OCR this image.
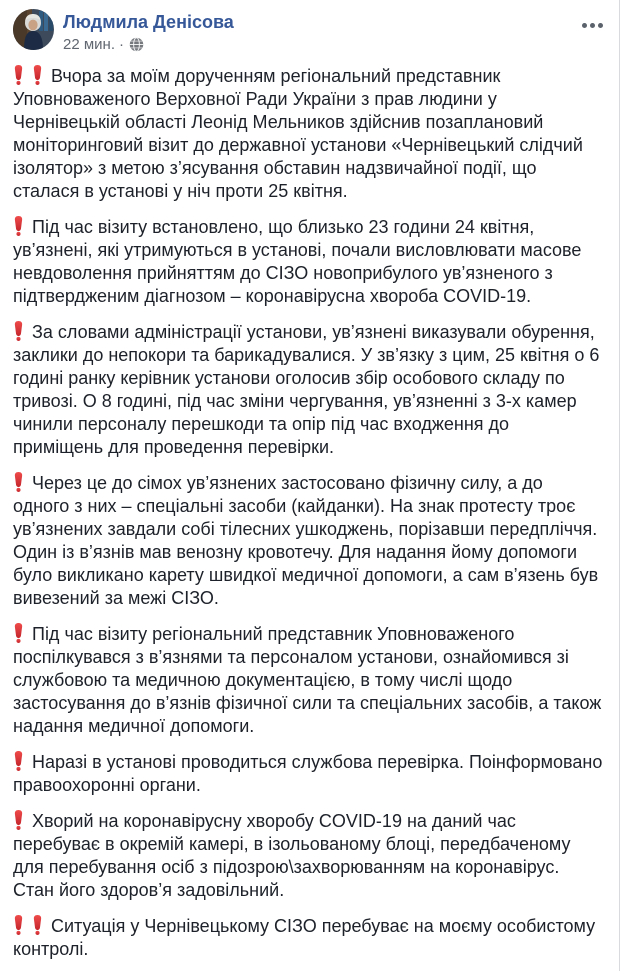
Людмила Денісова
22 мин. ·

Вчора за моїм дорученням регіональний представник Уповноваженого Верховної Ради України з прав людини у Чернівецькій області Леонід Мельников здійснив позаплановий моніторинговий візит до державної установи «Чернівецький слідчий ізолятор» з метою з’ясування обставин надзвичайної події, що сталася в установі у ніч проти 25 квітня.

Під час візиту встановлено, що близько 23 години 24 квітня, ув’язнені, які утримуються в установі, почали висловлювати масове невдоволення прийняттям до СІЗО новоприбулого ув’язненого з підтвердженим діагнозом – коронавірусна хвороба COVID-19.

За словами адміністрації установи, ув’язнені виказували обурення, заклики до непокори та барикадувалися. У зв’язку з цим, 25 квітня о 6 годині ранку керівник установи оголосив збір особового складу по тривозі. О 8 годині, під час зміни чергування, ув’язненні з 3-х камер чинили персоналу перешкоди та опір під час входження до приміщень для проведення перевірки.

Через це до сімох ув’язнених застосовано фізичну силу, а до одного з них – спеціальні засоби (кайданки). На знак протесту троє ув’язнених завдали собі тілесних ушкоджень, порізавши передпліччя. Один із в’язнів мав венозну кровотечу. Для надання йому допомоги було викликано карету швидкої медичної допомоги, а сам в’язень був вивезений за межі СІЗО.

Під час візиту регіональний представник Уповноваженого поспілкувався з в’язнями та персоналом установи, ознайомився зі службовою та медичною документацією, в тому числі щодо застосування до в’язнів фізичної сили та спеціальних засобів, а також надання медичної допомоги.

Наразі в установі проводиться службова перевірка. Поінформовано правоохоронні органи.

Хворий на коронавірусну хворобу COVID-19 на даний час перебуває в окремій камері, в ізольованому блоці, передбаченому для перебування осіб з підозрою\захворюванням на коронавірус. Стан його здоров’я задовільний.

Ситуація у Чернівецькому СІЗО перебуває на моєму особистому контролі.
